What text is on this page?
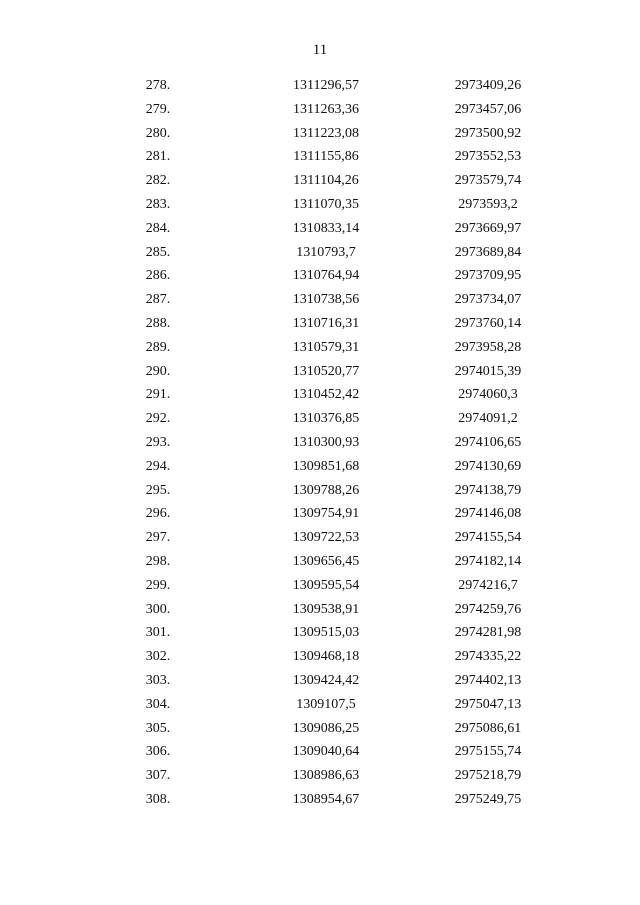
11
278.	1311296,57	2973409,26
279.	1311263,36	2973457,06
280.	1311223,08	2973500,92
281.	1311155,86	2973552,53
282.	1311104,26	2973579,74
283.	1311070,35	2973593,2
284.	1310833,14	2973669,97
285.	1310793,7	2973689,84
286.	1310764,94	2973709,95
287.	1310738,56	2973734,07
288.	1310716,31	2973760,14
289.	1310579,31	2973958,28
290.	1310520,77	2974015,39
291.	1310452,42	2974060,3
292.	1310376,85	2974091,2
293.	1310300,93	2974106,65
294.	1309851,68	2974130,69
295.	1309788,26	2974138,79
296.	1309754,91	2974146,08
297.	1309722,53	2974155,54
298.	1309656,45	2974182,14
299.	1309595,54	2974216,7
300.	1309538,91	2974259,76
301.	1309515,03	2974281,98
302.	1309468,18	2974335,22
303.	1309424,42	2974402,13
304.	1309107,5	2975047,13
305.	1309086,25	2975086,61
306.	1309040,64	2975155,74
307.	1308986,63	2975218,79
308.	1308954,67	2975249,75
